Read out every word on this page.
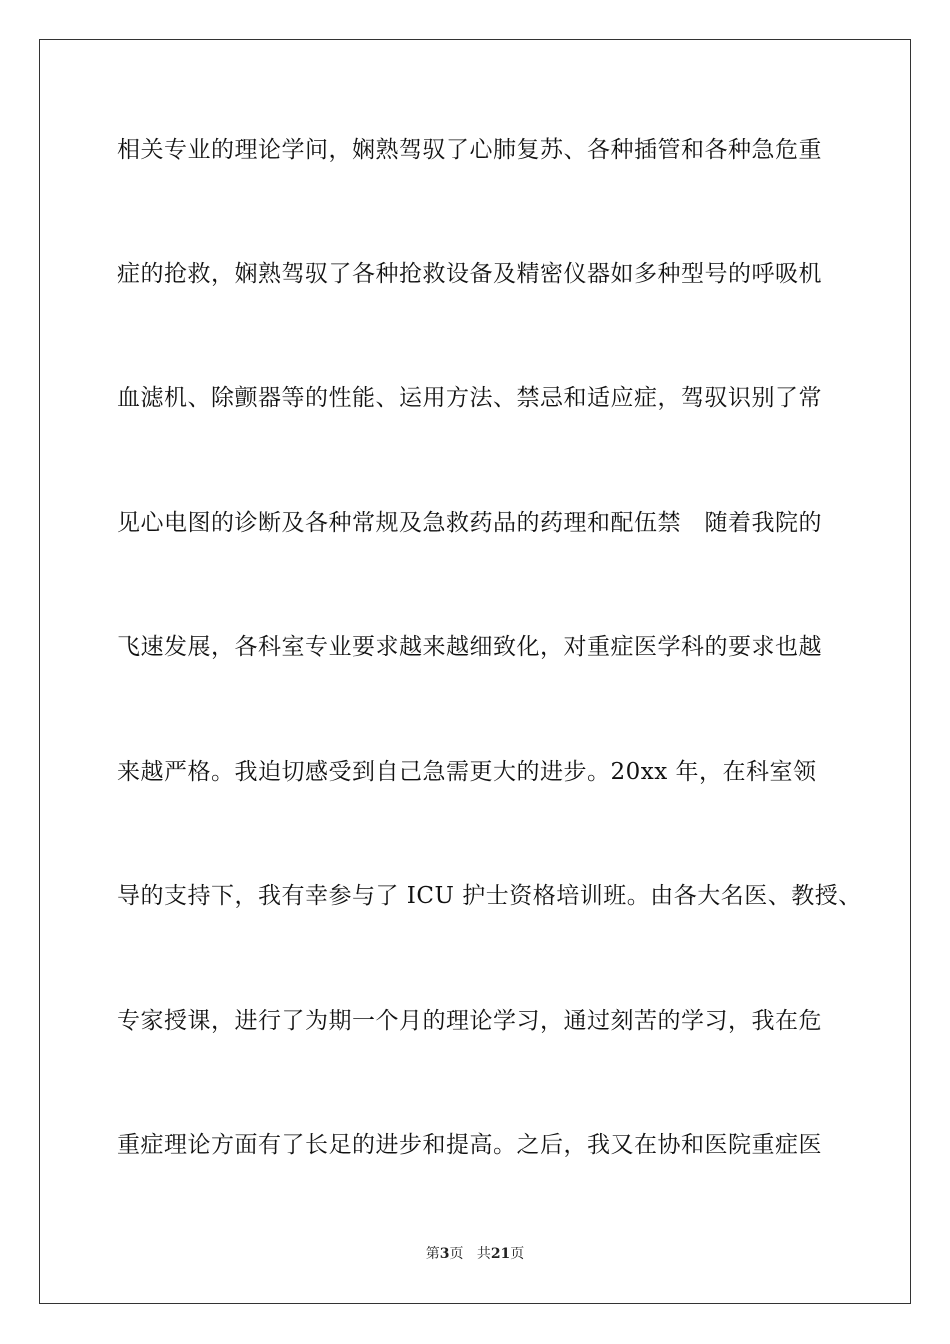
相关专业的理论学问，娴熟驾驭了心肺复苏、各种插管和各种急危重
症的抢救，娴熟驾驭了各种抢救设备及精密仪器如多种型号的呼吸机
血滤机、除颤器等的性能、运用方法、禁忌和适应症，驾驭识别了常
见心电图的诊断及各种常规及急救药品的药理和配伍禁　随着我院的
飞速发展，各科室专业要求越来越细致化，对重症医学科的要求也越
来越严格。我迫切感受到自己急需更大的进步。20xx 年，在科室领
导的支持下，我有幸参与了 ICU 护士资格培训班。由各大名医、教授、
专家授课，进行了为期一个月的理论学习，通过刻苦的学习，我在危
重症理论方面有了长足的进步和提高。之后，我又在协和医院重症医
第3页 共21页
